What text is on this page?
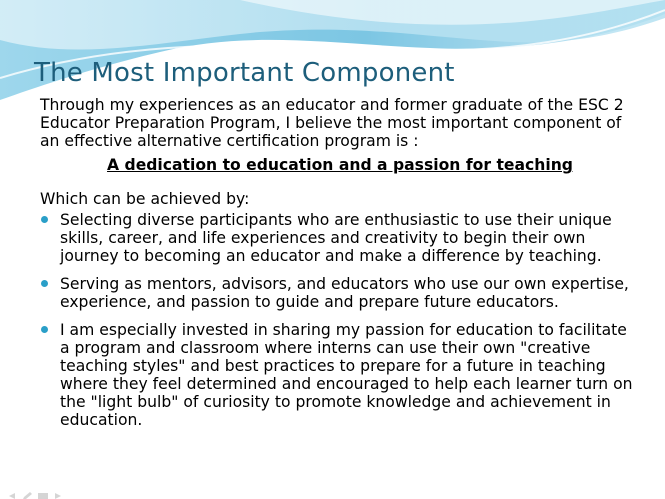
The Most Important Component

Through my experiences as an educator and former graduate of the ESC 2 Educator Preparation Program, I believe the most important component of an effective alternative certification program is :

A dedication to education and a passion for teaching

Which can be achieved by:

Selecting diverse participants who are enthusiastic to use their unique skills, career, and life experiences and creativity to begin their own journey to becoming an educator and make a difference by teaching.
Serving as mentors, advisors, and educators who use our own expertise, experience, and passion to guide and prepare future educators.
I am especially invested in sharing my passion for education to facilitate a program and classroom where interns can use their own "creative teaching styles" and best practices to prepare for a future in teaching where they feel determined and encouraged to help each learner turn on the "light bulb" of curiosity to promote knowledge and achievement in education.
